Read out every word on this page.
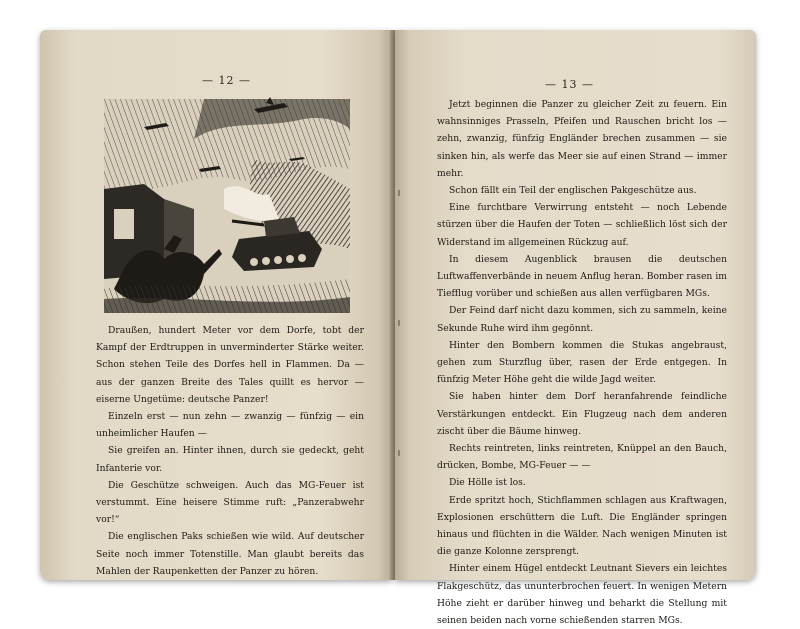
— 12 —

Draußen, hundert Meter vor dem Dorfe, tobt der Kampf der Erdtruppen in unverminderter Stärke weiter. Schon stehen Teile des Dorfes hell in Flammen. Da — aus der ganzen Breite des Tales quillt es hervor — eiserne Ungetüme: deutsche Panzer!

Einzeln erst — nun zehn — zwanzig — fünfzig — ein unheimlicher Haufen —

Sie greifen an. Hinter ihnen, durch sie gedeckt, geht Infanterie vor.

Die Geschütze schweigen. Auch das MG-Feuer ist verstummt. Eine heisere Stimme ruft: „Panzerabwehr vor!“

Die englischen Paks schießen wie wild. Auf deutscher Seite noch immer Totenstille. Man glaubt bereits das Mahlen der Raupenketten der Panzer zu hören.

— 13 —

Jetzt beginnen die Panzer zu gleicher Zeit zu feuern. Ein wahnsinniges Prasseln, Pfeifen und Rauschen bricht los — zehn, zwanzig, fünfzig Engländer brechen zusammen — sie sinken hin, als werfe das Meer sie auf einen Strand — immer mehr.

Schon fällt ein Teil der englischen Pakgeschütze aus.

Eine furchtbare Verwirrung entsteht — noch Lebende stürzen über die Haufen der Toten — schließlich löst sich der Widerstand im allgemeinen Rückzug auf.

In diesem Augenblick brausen die deutschen Luftwaffenverbände in neuem Anflug heran. Bomber rasen im Tiefflug vorüber und schießen aus allen verfügbaren MGs.

Der Feind darf nicht dazu kommen, sich zu sammeln, keine Sekunde Ruhe wird ihm gegönnt.

Hinter den Bombern kommen die Stukas angebraust, gehen zum Sturzflug über, rasen der Erde entgegen. In fünfzig Meter Höhe geht die wilde Jagd weiter.

Sie haben hinter dem Dorf heranfahrende feindliche Verstärkungen entdeckt. Ein Flugzeug nach dem anderen zischt über die Bäume hinweg.

Rechts reintreten, links reintreten, Knüppel an den Bauch, drücken, Bombe, MG-Feuer — —

Die Hölle ist los.

Erde spritzt hoch, Stichflammen schlagen aus Kraftwagen, Explosionen erschüttern die Luft. Die Engländer springen hinaus und flüchten in die Wälder. Nach wenigen Minuten ist die ganze Kolonne zersprengt.

Hinter einem Hügel entdeckt Leutnant Sievers ein leichtes Flakgeschütz, das ununterbrochen feuert. In wenigen Metern Höhe zieht er darüber hinweg und beharkt die Stellung mit seinen beiden nach vorne schießenden starren MGs.
